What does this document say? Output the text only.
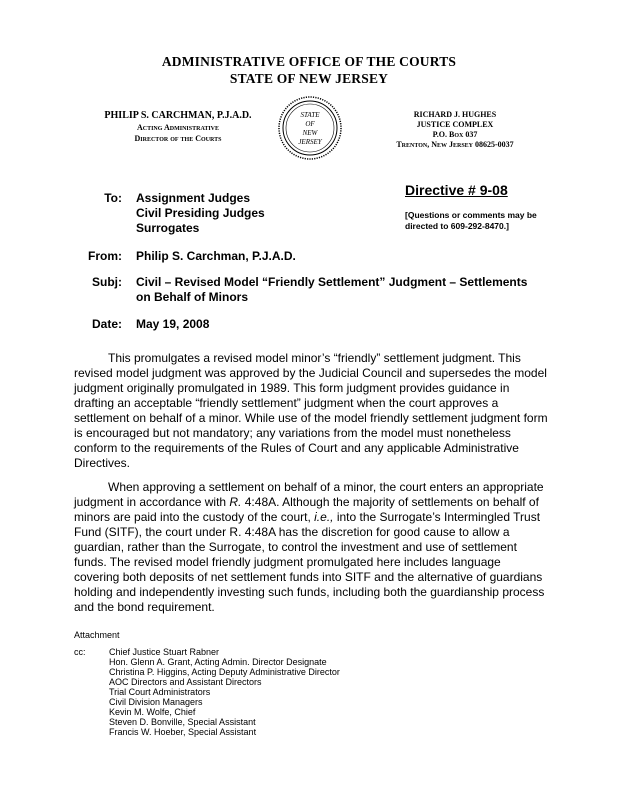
ADMINISTRATIVE OFFICE OF THE COURTS
STATE OF NEW JERSEY
PHILIP S. CARCHMAN, P.J.A.D.
Acting Administrative
Director of the Courts
STATE
OF
NEW
JERSEY
RICHARD J. HUGHES
JUSTICE COMPLEX
P.O. Box 037
Trenton, New Jersey 08625-0037
To: Assignment Judges
Civil Presiding Judges
Surrogates
Directive # 9-08
[Questions or comments may be directed to 609-292-8470.]
From: Philip S. Carchman, P.J.A.D.
Subj: Civil – Revised Model “Friendly Settlement” Judgment – Settlements on Behalf of Minors
Date: May 19, 2008
This promulgates a revised model minor’s “friendly” settlement judgment. This revised model judgment was approved by the Judicial Council and supersedes the model judgment originally promulgated in 1989. This form judgment provides guidance in drafting an acceptable “friendly settlement” judgment when the court approves a settlement on behalf of a minor. While use of the model friendly settlement judgment form is encouraged but not mandatory; any variations from the model must nonetheless conform to the requirements of the Rules of Court and any applicable Administrative Directives.
When approving a settlement on behalf of a minor, the court enters an appropriate judgment in accordance with R. 4:48A. Although the majority of settlements on behalf of minors are paid into the custody of the court, i.e., into the Surrogate’s Intermingled Trust Fund (SITF), the court under R. 4:48A has the discretion for good cause to allow a guardian, rather than the Surrogate, to control the investment and use of settlement funds. The revised model friendly judgment promulgated here includes language covering both deposits of net settlement funds into SITF and the alternative of guardians holding and independently investing such funds, including both the guardianship process and the bond requirement.
Attachment
cc:	Chief Justice Stuart Rabner
Hon. Glenn A. Grant, Acting Admin. Director Designate
Christina P. Higgins, Acting Deputy Administrative Director
AOC Directors and Assistant Directors
Trial Court Administrators
Civil Division Managers
Kevin M. Wolfe, Chief
Steven D. Bonville, Special Assistant
Francis W. Hoeber, Special Assistant
